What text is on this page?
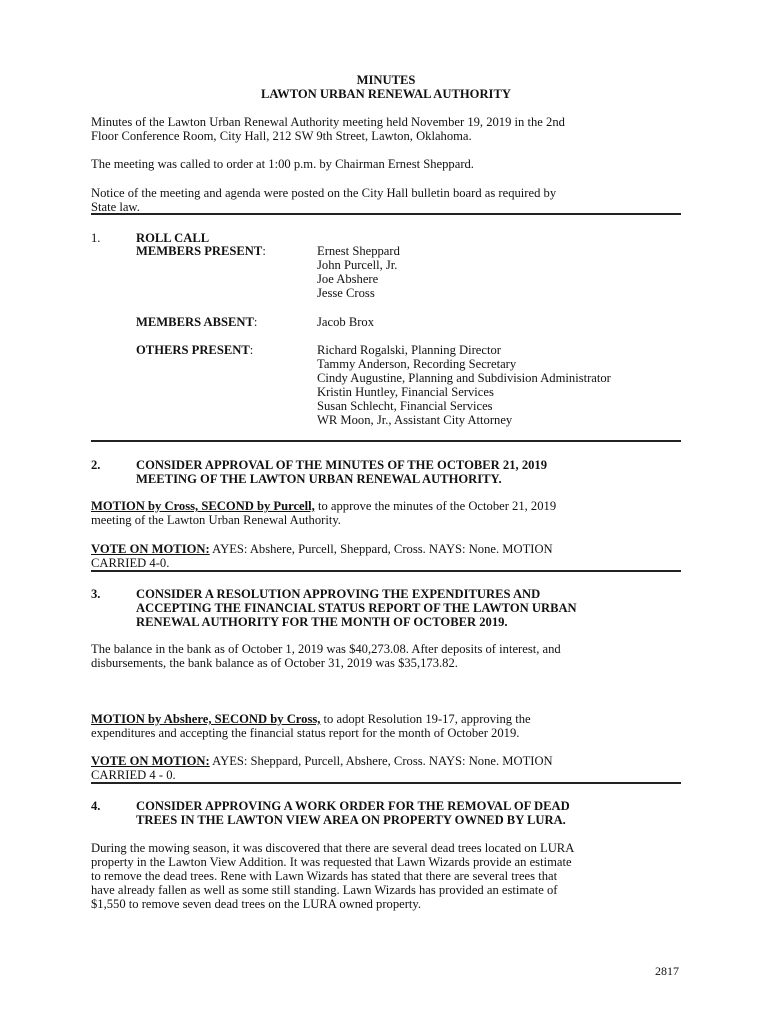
MINUTES
LAWTON URBAN RENEWAL AUTHORITY
Minutes of the Lawton Urban Renewal Authority meeting held November 19, 2019 in the 2nd
Floor Conference Room, City Hall, 212 SW 9th Street, Lawton, Oklahoma.
The meeting was called to order at 1:00 p.m. by Chairman Ernest Sheppard.
Notice of the meeting and agenda were posted on the City Hall bulletin board as required by
State law.
1.	ROLL CALL
MEMBERS PRESENT:	Ernest Sheppard
John Purcell, Jr.
Joe Abshere
Jesse Cross
MEMBERS ABSENT:	Jacob Brox
OTHERS PRESENT:	Richard Rogalski, Planning Director
Tammy Anderson, Recording Secretary
Cindy Augustine, Planning and Subdivision Administrator
Kristin Huntley, Financial Services
Susan Schlecht, Financial Services
WR Moon, Jr., Assistant City Attorney
2.	CONSIDER APPROVAL OF THE MINUTES OF THE OCTOBER 21, 2019
MEETING OF THE LAWTON URBAN RENEWAL AUTHORITY.
MOTION by Cross, SECOND by Purcell, to approve the minutes of the October 21, 2019
meeting of the Lawton Urban Renewal Authority.
VOTE ON MOTION: AYES: Abshere, Purcell, Sheppard, Cross. NAYS: None. MOTION
CARRIED 4-0.
3.	CONSIDER A RESOLUTION APPROVING THE EXPENDITURES AND
ACCEPTING THE FINANCIAL STATUS REPORT OF THE LAWTON URBAN
RENEWAL AUTHORITY FOR THE MONTH OF OCTOBER 2019.
The balance in the bank as of October 1, 2019 was $40,273.08. After deposits of interest, and
disbursements, the bank balance as of October 31, 2019 was $35,173.82.
MOTION by Abshere, SECOND by Cross, to adopt Resolution 19-17, approving the
expenditures and accepting the financial status report for the month of October 2019.
VOTE ON MOTION: AYES: Sheppard, Purcell, Abshere, Cross. NAYS: None. MOTION
CARRIED 4 - 0.
4.	CONSIDER APPROVING A WORK ORDER FOR THE REMOVAL OF DEAD
TREES IN THE LAWTON VIEW AREA ON PROPERTY OWNED BY LURA.
During the mowing season, it was discovered that there are several dead trees located on LURA
property in the Lawton View Addition. It was requested that Lawn Wizards provide an estimate
to remove the dead trees. Rene with Lawn Wizards has stated that there are several trees that
have already fallen as well as some still standing. Lawn Wizards has provided an estimate of
$1,550 to remove seven dead trees on the LURA owned property.
2817
